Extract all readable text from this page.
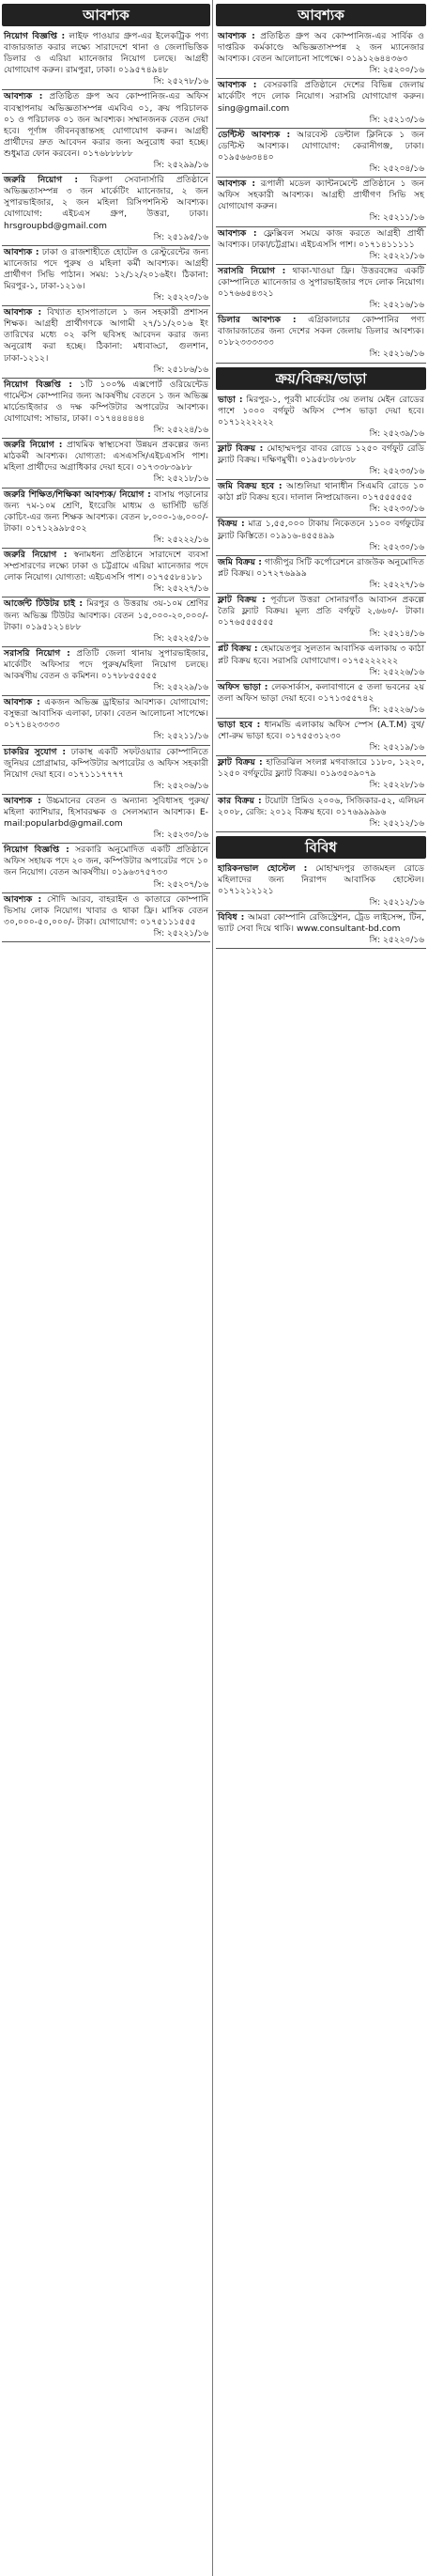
আবশ্যক
নিয়োগ বিজ্ঞপ্তি : লাইফ পাওয়ার গ্রুপ-এর ইলেকট্রিক পণ্য বাজারজাত করার লক্ষ্যে সারাদেশে থানা ও জেলাভিত্তিক ডিলার ও এরিয়া ম্যানেজার নিয়োগ চলছে। আগ্রহী যোগাযোগ করুন। রামপুরা, ঢাকা। ০১৯৫৭৪৯৪৮
সি: ২৫২৭৮/১৬
আবশ্যক : প্রতিষ্ঠিত গ্রুপ অব কোম্পানিজ-এর অফিস ব্যবস্থাপনায় অভিজ্ঞতাসম্পন্ন এমবিএ ০১, ক্রয় পরিচালক ০১ ও পরিচালক ০১ জন আবশ্যক। সম্মানজনক বেতন দেয়া হবে। পূর্ণাঙ্গ জীবনবৃত্তান্তসহ যোগাযোগ করুন। আগ্রহী প্রার্থীদের দ্রুত আবেদন করার জন্য অনুরোধ করা হচ্ছে। শুধুমাত্র ফোন করবেন। ০১৭৬৮৮৮৮৮
সি: ২৫২৯৯/১৬
জরুরি নিয়োগ : বিরুপা সেবানার্সারি প্রতিষ্ঠানে অভিজ্ঞতাসম্পন্ন ৩ জন মার্কেটিং ম্যানেজার, ২ জন সুপারভাইজার, ২ জন মহিলা রিসিপশনিস্ট আবশ্যক। যোগাযোগ: এইচএস গ্রুপ, উত্তরা, ঢাকা। hrsgroupbd@gmail.com
সি: ২৫১৯৫/১৬
আবশ্যক : ঢাকা ও রাজশাহীতে হোটেল ও রেস্টুরেন্টের জন্য ম্যানেজার পদে পুরুষ ও মহিলা কর্মী আবশ্যক। আগ্রহী প্রার্থীগণ সিভি পাঠান। সময়: ১২/১২/২০১৬ইং। ঠিকানা: মিরপুর-১, ঢাকা-১২১৬।
সি: ২৫২২০/১৬
আবশ্যক : বিখ্যাত হাসপাতালে ১ জন সহকারী প্রশাসন শিক্ষক। আগ্রহী প্রার্থীগণকে আগামী ২৭/১১/২০১৬ ইং তারিখের মধ্যে ০২ কপি ছবিসহ আবেদন করার জন্য অনুরোধ করা হচ্ছে। ঠিকানা: মধ্যবাড্ডা, গুলশান, ঢাকা-১২১২।
সি: ২৫১৮৬/১৬
নিয়োগ বিজ্ঞপ্তি : ১টি ১০০% এক্সপোর্ট ওরিয়েন্টেড গার্মেন্টস কোম্পানির জন্য আকর্ষণীয় বেতনে ১ জন অভিজ্ঞ মার্চেন্ডাইজার ও দক্ষ কম্পিউটার অপারেটর আবশ্যক। যোগাযোগ: সাভার, ঢাকা। ০১৭৪৪৪৪৪৪
সি: ২৫২২৪/১৬
জরুরি নিয়োগ : প্রাথমিক স্বাস্থ্যসেবা উন্নয়ন প্রকল্পের জন্য মাঠকর্মী আবশ্যক। যোগ্যতা: এসএসসি/এইচএসসি পাশ। মহিলা প্রার্থীদের অগ্রাধিকার দেয়া হবে। ০১৭৩৩৮৩৯৮৮
সি: ২৫২১৮/১৬
জরুরি শিক্ষিত/শিক্ষিকা আবশ্যক/ নিয়োগ : বাসায় পড়ানোর জন্য ৭ম-১০ম শ্রেণি, ইংরেজি মাধ্যম ও ভার্সিটি ভর্তি কোচিং-এর জন্য শিক্ষক আবশ্যক। বেতন ৮,০০০-১৬,০০০/- টাকা। ০১৭১২৯৯৮৫০২
সি: ২৫২২২/১৬
জরুরি নিয়োগ : স্বনামধন্য প্রতিষ্ঠানে সারাদেশে ব্যবসা সম্প্রসারণের লক্ষ্যে ঢাকা ও চট্টগ্রামে এরিয়া ম্যানেজার পদে লোক নিয়োগ। যোগ্যতা: এইচএসসি পাশ। ০১৭৫৫৮৪১৮১
সি: ২৫২২৭/১৬
আর্জেন্ট টিউটর চাই : মিরপুর ও উত্তরায় ৩য়-১০ম শ্রেণির জন্য অভিজ্ঞ টিউটর আবশ্যক। বেতন ১৫,০০০-২০,০০০/- টাকা। ০১৯৫১২১৪৮৮
সি: ২৫২২৫/১৬
সরাসরি নিয়োগ : প্রতিটি জেলা থানায় সুপারভাইজার, মার্কেটিং অফিসার পদে পুরুষ/মহিলা নিয়োগ চলছে। আকর্ষণীয় বেতন ও কমিশন। ০১৭৮৮৫৫৫৫৫
সি: ২৫২২৯/১৬
আবশ্যক : একজন অভিজ্ঞ ড্রাইভার আবশ্যক। যোগাযোগ: বসুন্ধরা আবাসিক এলাকা, ঢাকা। বেতন আলোচনা সাপেক্ষে। ০১৭১৪২৩৩৩৩
সি: ২৫২১১/১৬
চাকরির সুযোগ : ঢাকাস্থ একটি সফটওয়্যার কোম্পানিতে জুনিয়র প্রোগ্রামার, কম্পিউটার অপারেটর ও অফিস সহকারী নিয়োগ দেয়া হবে। ০১৭১১১৭৭৭৭
সি: ২৫২০৬/১৬
আবশ্যক : উচ্চমানের বেতন ও অন্যান্য সুবিধাসহ পুরুষ/মহিলা ক্যাশিয়ার, হিসাবরক্ষক ও সেলসম্যান আবশ্যক। E-mail:popularbd@gmail.com
সি: ২৫২৩০/১৬
নিয়োগ বিজ্ঞপ্তি : সরকারি অনুমোদিত একটি প্রতিষ্ঠানে অফিস সহায়ক পদে ২০ জন, কম্পিউটার অপারেটর পদে ১০ জন নিয়োগ। বেতন আকর্ষণীয়। ০১৯৬৩৭৫৭৩৩
সি: ২৫২০৭/১৬
আবশ্যক : সৌদি আরব, বাহরাইন ও কাতারে কোম্পানি ভিসায় লোক নিয়োগ। খাবার ও থাকা ফ্রি। মাসিক বেতন ৩০,০০০-৫০,০০০/- টাকা। যোগাযোগ: ০১৭৫১১১৫৫৫
সি: ২৫২২১/১৬
আবশ্যক
আবশ্যক : প্রতিষ্ঠিত গ্রুপ অব কোম্পানিজ-এর সার্বিক ও দাপ্তরিক কর্মকাণ্ডে অভিজ্ঞতাসম্পন্ন ২ জন ম্যানেজার আবশ্যক। বেতন আলোচনা সাপেক্ষে। ০১৯১২৬৪৪৩৬৩
সি: ২৫২০০/১৬
আবশ্যক : বেসরকারি প্রতিষ্ঠানে দেশের বিভিন্ন জেলায় মার্কেটিং পদে লোক নিয়োগ। সরাসরি যোগাযোগ করুন। sing@gmail.com
সি: ২৫২১৩/১৬
ডেন্টিস্ট আবশ্যক : আরবেস্ট ডেন্টাল ক্লিনিকে ১ জন ডেন্টিস্ট আবশ্যক। যোগাযোগ: কেরানীগঞ্জ, ঢাকা। ০১৯৫৬৬৩৪৪০
সি: ২৫২০৪/১৬
আবশ্যক : রূপালী মডেল ক্যান্টনমেন্টে প্রতিষ্ঠানে ১ জন অফিস সহকারী আবশ্যক। আগ্রহী প্রার্থীগণ সিভি সহ যোগাযোগ করুন।
সি: ২৫২১১/১৬
আবশ্যক : ফ্লেক্সিবল সময়ে কাজ করতে আগ্রহী প্রার্থী আবশ্যক। ঢাকা/চট্টগ্রাম। এইচএসসি পাশ। ০১৭১৪১১১১১
সি: ২৫২২১/১৬
সরাসরি নিয়োগ : থাকা-খাওয়া ফ্রি। উত্তরবঙ্গের একটি কোম্পানিতে ম্যানেজার ও সুপারভাইজার পদে লোক নিয়োগ। ০১৭৬৬৫৪৩২১
সি: ২৫২১৬/১৬
ডিলার আবশ্যক : এগ্রিকালচার কোম্পানির পণ্য বাজারজাতের জন্য দেশের সকল জেলায় ডিলার আবশ্যক। ০১৮২৩৩৩৩৩৩
সি: ২৫২১৬/১৬
ক্রয়/বিক্রয়/ভাড়া
ভাড়া : মিরপুর-১, পূরবী মার্কেটের ৩য় তলায় মেইন রোডের পাশে ১০০০ বর্গফুট অফিস স্পেস ভাড়া দেয়া হবে। ০১৭১২২২২২২
সি: ২৫২৩৯/১৬
ফ্লাট বিক্রয় : মোহাম্মদপুর বাবর রোডে ১২৫০ বর্গফুট রেডি ফ্ল্যাট বিক্রয়। দক্ষিণমুখী। ০১৯৫৮৩৮৮৩৮
সি: ২৫২৩৩/১৬
জমি বিক্রয় হবে : আশুলিয়া থানাধীন সিএমবি রোডে ১০ কাঠা প্লট বিক্রয় হবে। দালাল নিষ্প্রয়োজন। ০১৭৫৫৫৫৫৫
সি: ২৫২৩৩/১৬
বিক্রয় : মাত্র ১,৫৫,০০০ টাকায় নিকেতনে ১১০০ বর্গফুটের ফ্ল্যাট কিস্তিতে। ০১৯১৬-৪৫৫৪৯৯
সি: ২৫২৩০/১৬
জমি বিক্রয় : গাজীপুর সিটি কর্পোরেশনে রাজউক অনুমোদিত প্লট বিক্রয়। ০১৭২৭৬৯৯৯
সি: ২৫২২৭/১৬
ফ্লাট বিক্রয় : পূর্বাচল উত্তরা সোনারগাঁও আবাসন প্রকল্পে তৈরি ফ্ল্যাট বিক্রয়। মূল্য প্রতি বর্গফুট ২,৬৬০/- টাকা। ০১৭৬৫৫৫৫৫৫
সি: ২৫২১৪/১৬
প্লট বিক্রয় : হেমায়েতপুর সুলতান আবাসিক এলাকায় ৩ কাঠা প্লট বিক্রয় হবে। সরাসরি যোগাযোগ। ০১৭৫২২২২২২
সি: ২৫২২৬/১৬
অফিস ভাড়া : লেকসার্কাস, কলাবাগানে ৫ তলা ভবনের ২য় তলা অফিস ভাড়া দেয়া হবে। ০১৭১৩৫৫৭৪২
সি: ২৫২২৬/১৬
ভাড়া হবে : ধানমন্ডি এলাকায় অফিস স্পেস (A.T.M) বুথ/শো-রুম ভাড়া হবে। ০১৭৫৫৩১২৩০
সি: ২৫২১৯/১৬
ফ্লাট বিক্রয় : হাতিরঝিল সংলগ্ন মগবাজারে ১১৮০, ১২২০, ১২৫০ বর্গফুটের ফ্ল্যাট বিক্রয়। ০১৯৩৫০৯০৭৯
সি: ২৫২২৮/১৬
কার বিক্রয় : টয়োটা প্রিমিও ২০০৬, সিজিকার-৫২, এলিয়ন ২০০৮, রেজি: ২০১২ বিক্রয় হবে। ০১৭৬৯৯৯৯৬
সি: ২৫২১২/১৬
বিবিধ
হারিকনভাল হোস্টেল : মোহাম্মদপুর তাজমহল রোডে মহিলাদের জন্য নিরাপদ আবাসিক হোস্টেল। ০১৭১২১২১২১
সি: ২৫২১২/১৬
বিবিধ : আমরা কোম্পানি রেজিস্ট্রেশন, ট্রেড লাইসেন্স, টিন, ভ্যাট সেবা দিয়ে থাকি। www.consultant-bd.com
সি: ২৫২২০/১৬
